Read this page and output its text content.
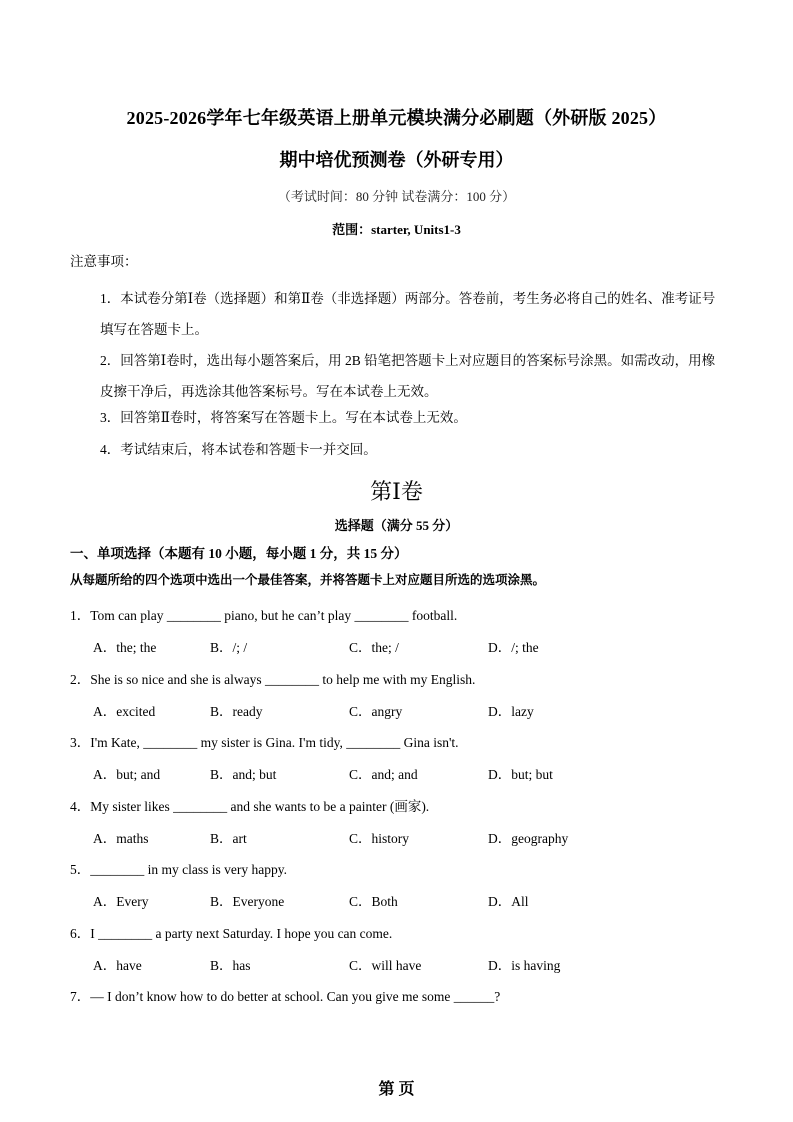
2025-2026学年七年级英语上册单元模块满分必刷题（外研版 2025）
期中培优预测卷（外研专用）
（考试时间：80 分钟 试卷满分：100 分）
范围：starter, Units1-3
注意事项：
1．本试卷分第Ⅰ卷（选择题）和第Ⅱ卷（非选择题）两部分。答卷前，考生务必将自己的姓名、准考证号填写在答题卡上。
2．回答第Ⅰ卷时，选出每小题答案后，用 2B 铅笔把答题卡上对应题目的答案标号涂黑。如需改动，用橡皮擦干净后，再选涂其他答案标号。写在本试卷上无效。
3．回答第Ⅱ卷时，将答案写在答题卡上。写在本试卷上无效。
4．考试结束后，将本试卷和答题卡一并交回。
第Ⅰ卷
选择题（满分 55 分）
一、单项选择（本题有 10 小题，每小题 1 分，共 15 分）
从每题所给的四个选项中选出一个最佳答案，并将答题卡上对应题目所选的选项涂黑。
1．Tom can play ________ piano, but he can’t play ________ football.
A．the; the	B．/; /	C．the; /	D．/; the
2．She is so nice and she is always ________ to help me with my English.
A．excited	B．ready	C．angry	D．lazy
3．I'm Kate, ________ my sister is Gina. I'm tidy, ________ Gina isn't.
A．but; and	B．and; but	C．and; and	D．but; but
4．My sister likes ________ and she wants to be a painter (画家).
A．maths	B．art	C．history	D．geography
5．________ in my class is very happy.
A．Every	B．Everyone	C．Both	D．All
6．I ________ a party next Saturday. I hope you can come.
A．have	B．has	C．will have	D．is having
7．— I don’t know how to do better at school. Can you give me some ______?
第 页
